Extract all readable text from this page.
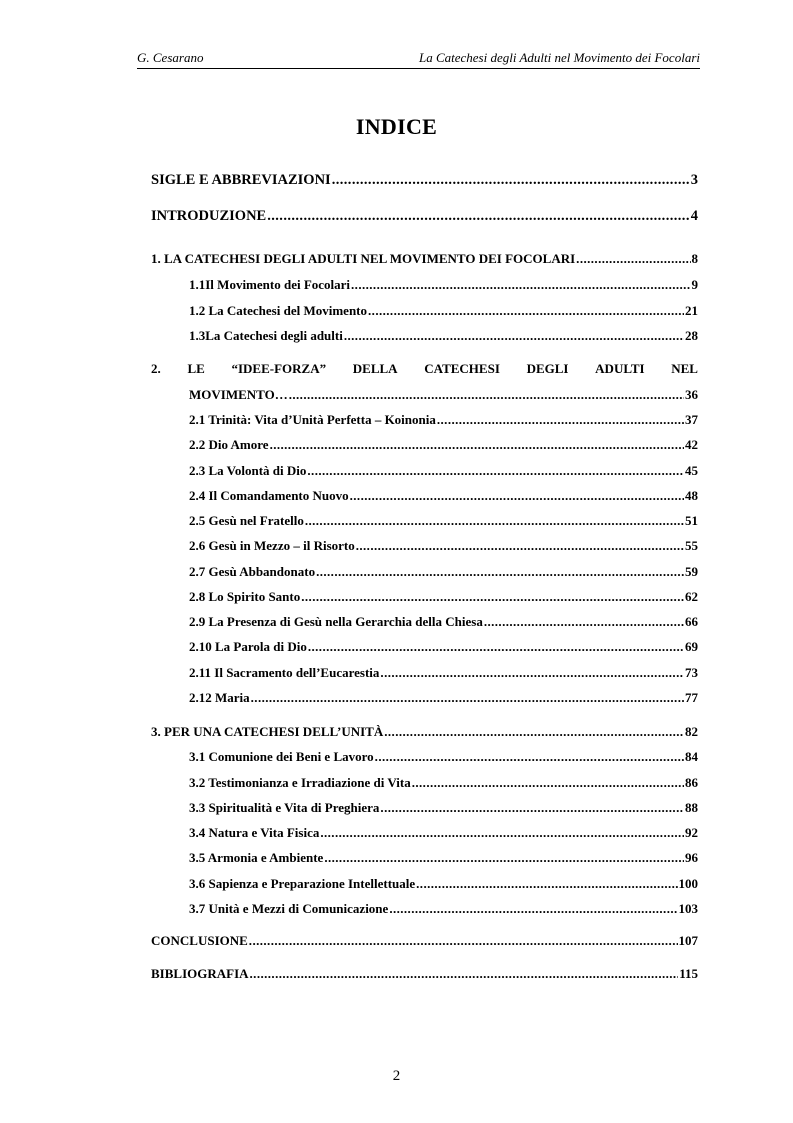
G. Cesarano	La Catechesi degli Adulti nel Movimento dei Focolari
INDICE
SIGLE E ABBREVIAZIONI .....	3
INTRODUZIONE .....	4
1. LA CATECHESI DEGLI ADULTI NEL MOVIMENTO DEI FOCOLARI .....	8
1.1Il Movimento dei Focolari .....	9
1.2 La Catechesi del Movimento .....	21
1.3La Catechesi degli adulti .....	28
2. LE “IDEE-FORZA” DELLA CATECHESI DEGLI ADULTI NEL
MOVIMENTO… .....	36
2.1 Trinità: Vita d’Unità Perfetta – Koinonia .....	37
2.2 Dio Amore .....	42
2.3 La Volontà di Dio .....	45
2.4 Il Comandamento Nuovo .....	48
2.5 Gesù nel Fratello .....	51
2.6 Gesù in Mezzo – il Risorto .....	55
2.7 Gesù Abbandonato .....	59
2.8 Lo Spirito Santo .....	62
2.9 La Presenza di Gesù nella Gerarchia della Chiesa .....	66
2.10 La Parola di Dio .....	69
2.11 Il Sacramento dell’Eucarestia .....	73
2.12 Maria .....	77
3. PER UNA CATECHESI DELL’UNITÀ .....	82
3.1 Comunione dei Beni e Lavoro .....	84
3.2 Testimonianza e Irradiazione di Vita .....	86
3.3 Spiritualità e Vita di Preghiera .....	88
3.4 Natura e Vita Fisica .....	92
3.5 Armonia e Ambiente .....	96
3.6 Sapienza e Preparazione Intellettuale .....	100
3.7 Unità e Mezzi di Comunicazione .....	103
CONCLUSIONE .....	107
BIBLIOGRAFIA .....	115
2
